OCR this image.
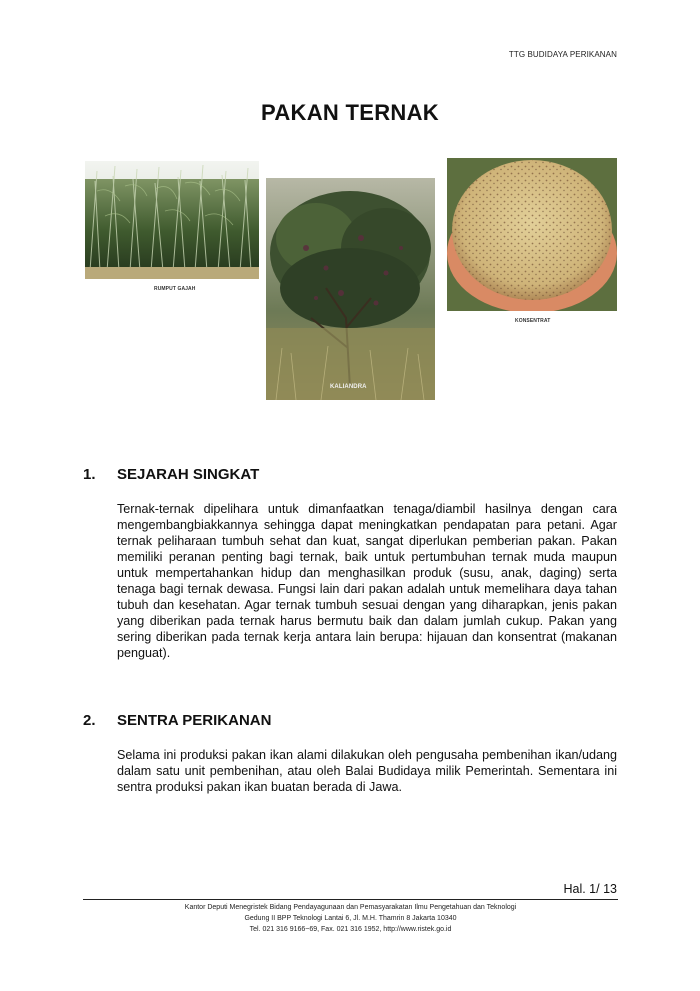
TTG BUDIDAYA PERIKANAN
PAKAN TERNAK
RUMPUT GAJAH
KALIANDRA
KONSENTRAT
1. SEJARAH SINGKAT

Ternak-ternak dipelihara untuk dimanfaatkan tenaga/diambil hasilnya dengan cara mengembangbiakkannya sehingga dapat meningkatkan pendapatan para petani. Agar ternak peliharaan tumbuh sehat dan kuat, sangat diperlukan pemberian pakan. Pakan memiliki peranan penting bagi ternak, baik untuk pertumbuhan ternak muda maupun untuk mempertahankan hidup dan menghasilkan produk (susu, anak, daging) serta tenaga bagi ternak dewasa. Fungsi lain dari pakan adalah untuk memelihara daya tahan tubuh dan kesehatan. Agar ternak tumbuh sesuai dengan yang diharapkan, jenis pakan yang diberikan pada ternak harus bermutu baik dan dalam jumlah cukup. Pakan yang sering diberikan pada ternak kerja antara lain berupa: hijauan dan konsentrat (makanan penguat).

2. SENTRA PERIKANAN

Selama ini produksi pakan ikan alami dilakukan oleh pengusaha pembenihan ikan/udang dalam satu unit pembenihan, atau oleh Balai Budidaya milik Pemerintah. Sementara ini sentra produksi pakan ikan buatan berada di Jawa.

Hal. 1/ 13
Kantor Deputi Menegristek Bidang Pendayagunaan dan Pemasyarakatan Ilmu Pengetahuan dan Teknologi
Gedung II BPP Teknologi Lantai 6, Jl. M.H. Thamrin 8 Jakarta 10340
Tel. 021 316 9166~69, Fax. 021 316 1952, http://www.ristek.go.id
